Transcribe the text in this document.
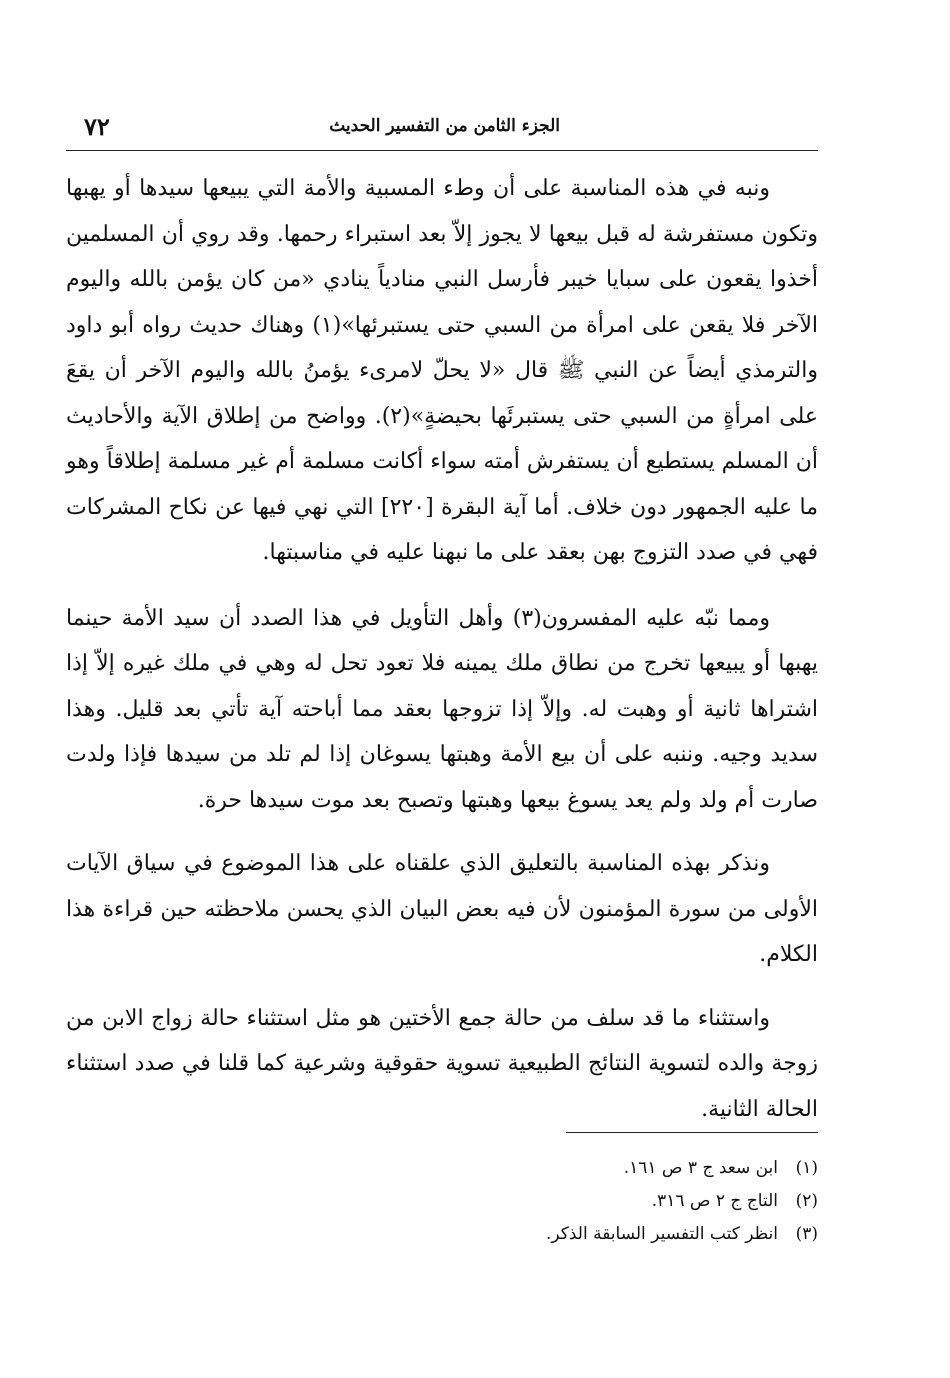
الجزء الثامن من التفسير الحديث
٧٢

ونبه في هذه المناسبة على أن وطء المسبية والأمة التي يبيعها سيدها أو يهبها وتكون مستفرشة له قبل بيعها لا يجوز إلاّ بعد استبراء رحمها. وقد روي أن المسلمين أخذوا يقعون على سبايا خيبر فأرسل النبي منادياً ينادي «من كان يؤمن بالله واليوم الآخر فلا يقعن على امرأة من السبي حتى يستبرئها»(١) وهناك حديث رواه أبو داود والترمذي أيضاً عن النبي ﷺ قال «لا يحلّ لامرىء يؤمنُ بالله واليوم الآخر أن يقعَ على امرأةٍ من السبي حتى يستبرئَها بحيضةٍ»(٢). وواضح من إطلاق الآية والأحاديث أن المسلم يستطيع أن يستفرش أمته سواء أكانت مسلمة أم غير مسلمة إطلاقاً وهو ما عليه الجمهور دون خلاف. أما آية البقرة [٢٢٠] التي نهي فيها عن نكاح المشركات فهي في صدد التزوج بهن بعقد على ما نبهنا عليه في مناسبتها.

ومما نبّه عليه المفسرون(٣) وأهل التأويل في هذا الصدد أن سيد الأمة حينما يهبها أو يبيعها تخرج من نطاق ملك يمينه فلا تعود تحل له وهي في ملك غيره إلاّ إذا اشتراها ثانية أو وهبت له. وإلاّ إذا تزوجها بعقد مما أباحته آية تأتي بعد قليل. وهذا سديد وجيه. وننبه على أن بيع الأمة وهبتها يسوغان إذا لم تلد من سيدها فإذا ولدت صارت أم ولد ولم يعد يسوغ بيعها وهبتها وتصبح بعد موت سيدها حرة.

ونذكر بهذه المناسبة بالتعليق الذي علقناه على هذا الموضوع في سياق الآيات الأولى من سورة المؤمنون لأن فيه بعض البيان الذي يحسن ملاحظته حين قراءة هذا الكلام.

واستثناء ما قد سلف من حالة جمع الأختين هو مثل استثناء حالة زواج الابن من زوجة والده لتسوية النتائج الطبيعية تسوية حقوقية وشرعية كما قلنا في صدد استثناء الحالة الثانية.

(١)
ابن سعد ج ٣ ص ١٦١.
(٢)
التاج ج ٢ ص ٣١٦.
(٣)
انظر كتب التفسير السابقة الذكر.
